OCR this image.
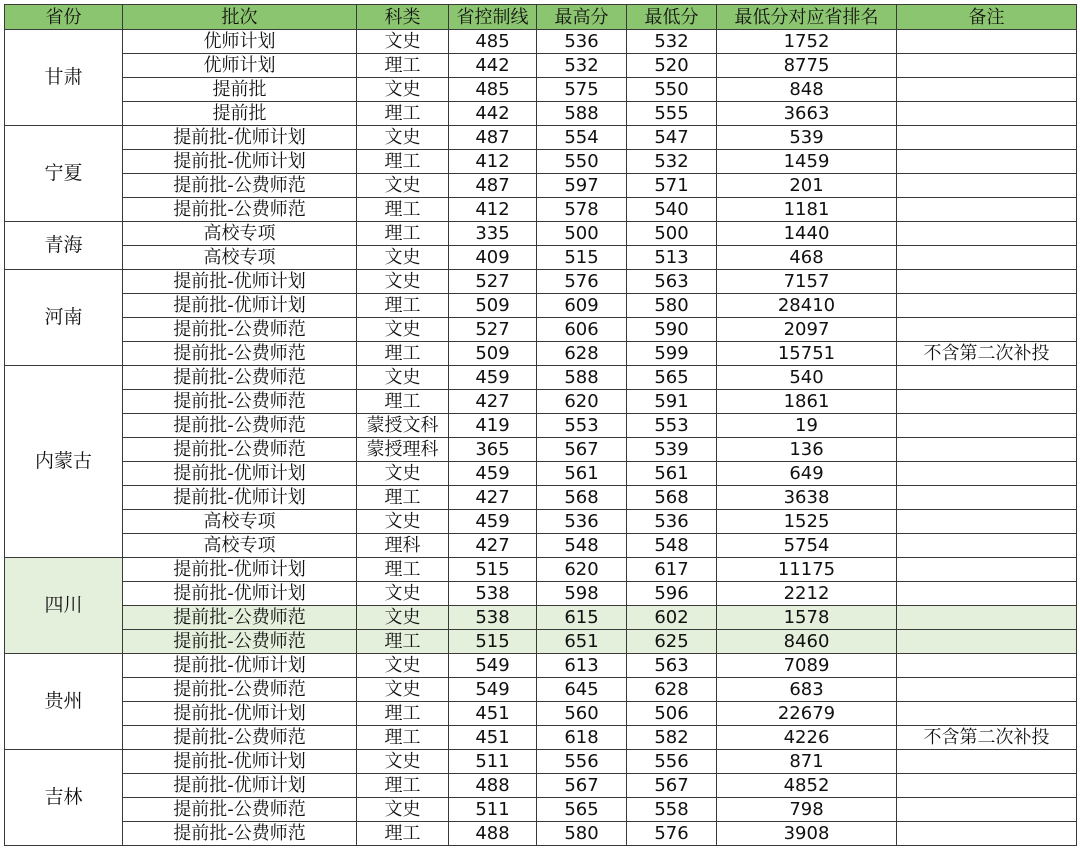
省份	批次	科类	省控制线	最高分	最低分	最低分对应省排名	备注
甘肃	优师计划	文史	485	536	532	1752	
	优师计划	理工	442	532	520	8775	
	提前批	文史	485	575	550	848	
	提前批	理工	442	588	555	3663	
宁夏	提前批-优师计划	文史	487	554	547	539	
	提前批-优师计划	理工	412	550	532	1459	
	提前批-公费师范	文史	487	597	571	201	
	提前批-公费师范	理工	412	578	540	1181	
青海	高校专项	理工	335	500	500	1440	
	高校专项	文史	409	515	513	468	
河南	提前批-优师计划	文史	527	576	563	7157	
	提前批-优师计划	理工	509	609	580	28410	
	提前批-公费师范	文史	527	606	590	2097	
	提前批-公费师范	理工	509	628	599	15751	不含第二次补投
内蒙古	提前批-公费师范	文史	459	588	565	540	
	提前批-公费师范	理工	427	620	591	1861	
	提前批-公费师范	蒙授文科	419	553	553	19	
	提前批-公费师范	蒙授理科	365	567	539	136	
	提前批-优师计划	文史	459	561	561	649	
	提前批-优师计划	理工	427	568	568	3638	
	高校专项	文史	459	536	536	1525	
	高校专项	理科	427	548	548	5754	
四川	提前批-优师计划	理工	515	620	617	11175	
	提前批-优师计划	文史	538	598	596	2212	
	提前批-公费师范	文史	538	615	602	1578	
	提前批-公费师范	理工	515	651	625	8460	
贵州	提前批-优师计划	文史	549	613	563	7089	
	提前批-公费师范	文史	549	645	628	683	
	提前批-优师计划	理工	451	560	506	22679	
	提前批-公费师范	理工	451	618	582	4226	不含第二次补投
吉林	提前批-优师计划	文史	511	556	556	871	
	提前批-优师计划	理工	488	567	567	4852	
	提前批-公费师范	文史	511	565	558	798	
	提前批-公费师范	理工	488	580	576	3908	
